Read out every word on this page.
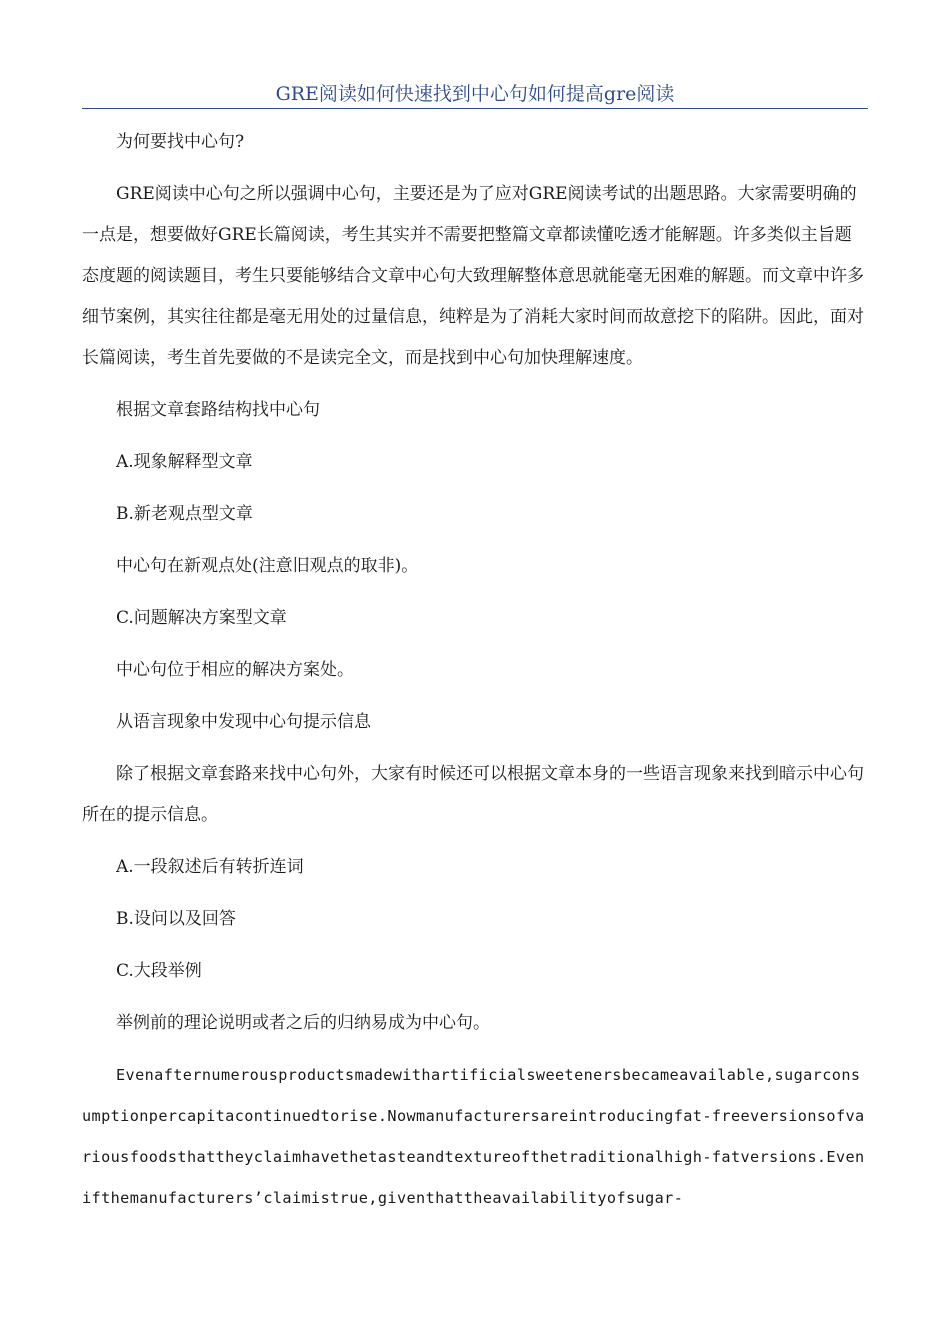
GRE阅读如何快速找到中心句如何提高gre阅读

为何要找中心句?

GRE阅读中心句之所以强调中心句，主要还是为了应对GRE阅读考试的出题思路。大家需要明确的一点是，想要做好GRE长篇阅读，考生其实并不需要把整篇文章都读懂吃透才能解题。许多类似主旨题态度题的阅读题目，考生只要能够结合文章中心句大致理解整体意思就能毫无困难的解题。而文章中许多细节案例，其实往往都是毫无用处的过量信息，纯粹是为了消耗大家时间而故意挖下的陷阱。因此，面对长篇阅读，考生首先要做的不是读完全文，而是找到中心句加快理解速度。

根据文章套路结构找中心句

A.现象解释型文章

B.新老观点型文章

中心句在新观点处(注意旧观点的取非)。

C.问题解决方案型文章

中心句位于相应的解决方案处。

从语言现象中发现中心句提示信息

除了根据文章套路来找中心句外，大家有时候还可以根据文章本身的一些语言现象来找到暗示中心句所在的提示信息。

A.一段叙述后有转折连词

B.设问以及回答

C.大段举例

举例前的理论说明或者之后的归纳易成为中心句。

Evenafternumerousproductsmadewithartificialsweetenersbecameavailable,sugarconsumptionpercapitacontinuedtorise.Nowmanufacturersareintroducingfat-freeversionsofvariousfoodsthattheyclaimhavethetasteandtextureofthetraditionalhigh-fatversions.Evenifthemanufacturers’claimistrue,giventhattheavailabilityofsugar-
